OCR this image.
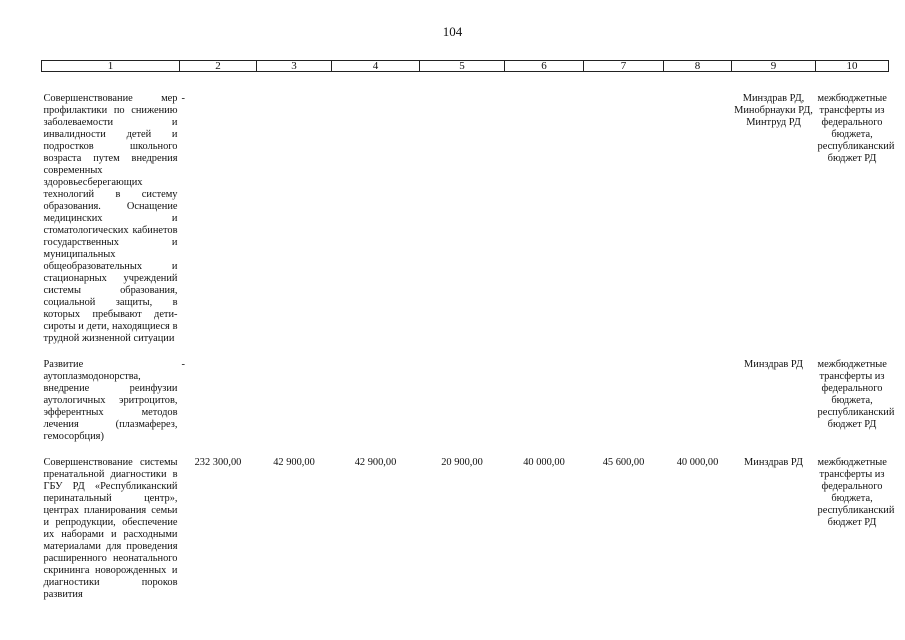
104
1	2	3	4	5	6	7	8	9	10
Совершенствование мер профилактики по снижению заболеваемости и инвалидности детей и подростков школьного возраста путем внедрения современных здоровьесберегающих технологий в систему образования. Оснащение медицинских и стоматологических кабинетов государственных и муниципальных общеобразовательных и стационарных учреждений системы образования, социальной защиты, в которых пребывают дети-сироты и дети, находящиеся в трудной жизненной ситуации	-							Минздрав РД, Минобрнауки РД, Минтруд РД	межбюджетные трансферты из федерального бюджета, республиканский бюджет РД

Развитие аутоплазмодонорства, внедрение реинфузии аутологичных эритроцитов, эфферентных методов лечения (плазмаферез, гемосорбция)	-							Минздрав РД	межбюджетные трансферты из федерального бюджета, республиканский бюджет РД

Совершенствование системы пренатальной диагностики в ГБУ РД «Республиканский перинатальный центр», центрах планирования семьи и репродукции, обеспечение их наборами и расходными материалами для проведения расширенного неонатального скрининга новорожденных и диагностики пороков развития	232 300,00	42 900,00	42 900,00	20 900,00	40 000,00	45 600,00	40 000,00	Минздрав РД	межбюджетные трансферты из федерального бюджета, республиканский бюджет РД
